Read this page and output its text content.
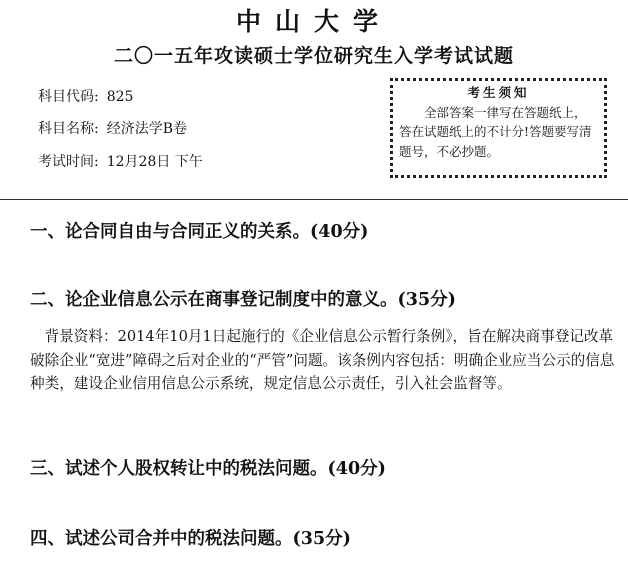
中山大学
二〇一五年攻读硕士学位研究生入学考试试题
科目代码: 825
科目名称: 经济法学B卷
考试时间: 12月28日 下午
考生须知
全部答案一律写在答题纸上，答在试题纸上的不计分!答题要写清题号，不必抄题。
一、论合同自由与合同正义的关系。(40分)
二、论企业信息公示在商事登记制度中的意义。(35分)
背景资料：2014年10月1日起施行的《企业信息公示暂行条例》，旨在解决商事登记改革破除企业“宽进”障碍之后对企业的“严管”问题。该条例内容包括：明确企业应当公示的信息种类，建设企业信用信息公示系统，规定信息公示责任，引入社会监督等。
三、试述个人股权转让中的税法问题。(40分)
四、试述公司合并中的税法问题。(35分)
